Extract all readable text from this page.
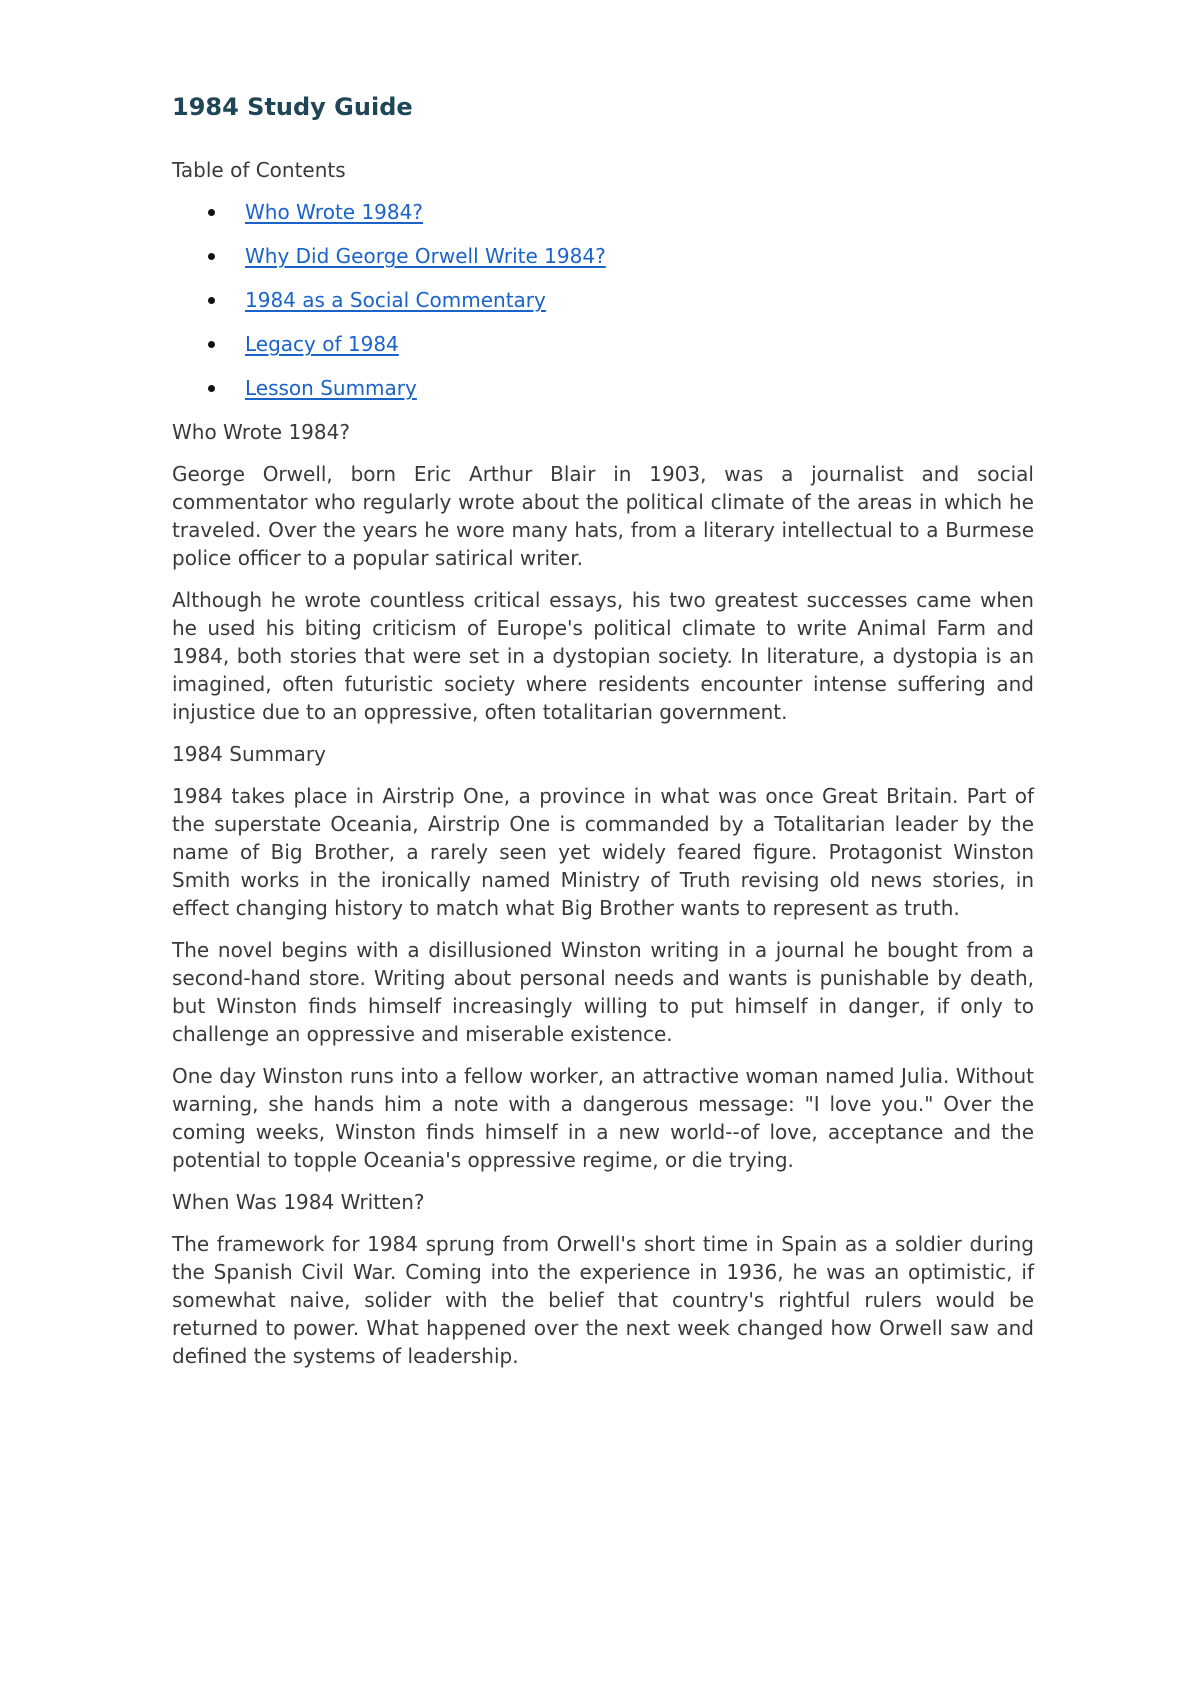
1984 Study Guide
Table of Contents
Who Wrote 1984?
Why Did George Orwell Write 1984?
1984 as a Social Commentary
Legacy of 1984
Lesson Summary
Who Wrote 1984?

George Orwell, born Eric Arthur Blair in 1903, was a journalist and social commentator who regularly wrote about the political climate of the areas in which he traveled. Over the years he wore many hats, from a literary intellectual to a Burmese police officer to a popular satirical writer.

Although he wrote countless critical essays, his two greatest successes came when he used his biting criticism of Europe's political climate to write Animal Farm and 1984, both stories that were set in a dystopian society. In literature, a dystopia is an imagined, often futuristic society where residents encounter intense suffering and injustice due to an oppressive, often totalitarian government.

1984 Summary

1984 takes place in Airstrip One, a province in what was once Great Britain. Part of the superstate Oceania, Airstrip One is commanded by a Totalitarian leader by the name of Big Brother, a rarely seen yet widely feared figure. Protagonist Winston Smith works in the ironically named Ministry of Truth revising old news stories, in effect changing history to match what Big Brother wants to represent as truth.

The novel begins with a disillusioned Winston writing in a journal he bought from a second-hand store. Writing about personal needs and wants is punishable by death, but Winston finds himself increasingly willing to put himself in danger, if only to challenge an oppressive and miserable existence.

One day Winston runs into a fellow worker, an attractive woman named Julia. Without warning, she hands him a note with a dangerous message: "I love you." Over the coming weeks, Winston finds himself in a new world--of love, acceptance and the potential to topple Oceania's oppressive regime, or die trying.

When Was 1984 Written?

The framework for 1984 sprung from Orwell's short time in Spain as a soldier during the Spanish Civil War. Coming into the experience in 1936, he was an optimistic, if somewhat naive, solider with the belief that country's rightful rulers would be returned to power. What happened over the next week changed how Orwell saw and defined the systems of leadership.
